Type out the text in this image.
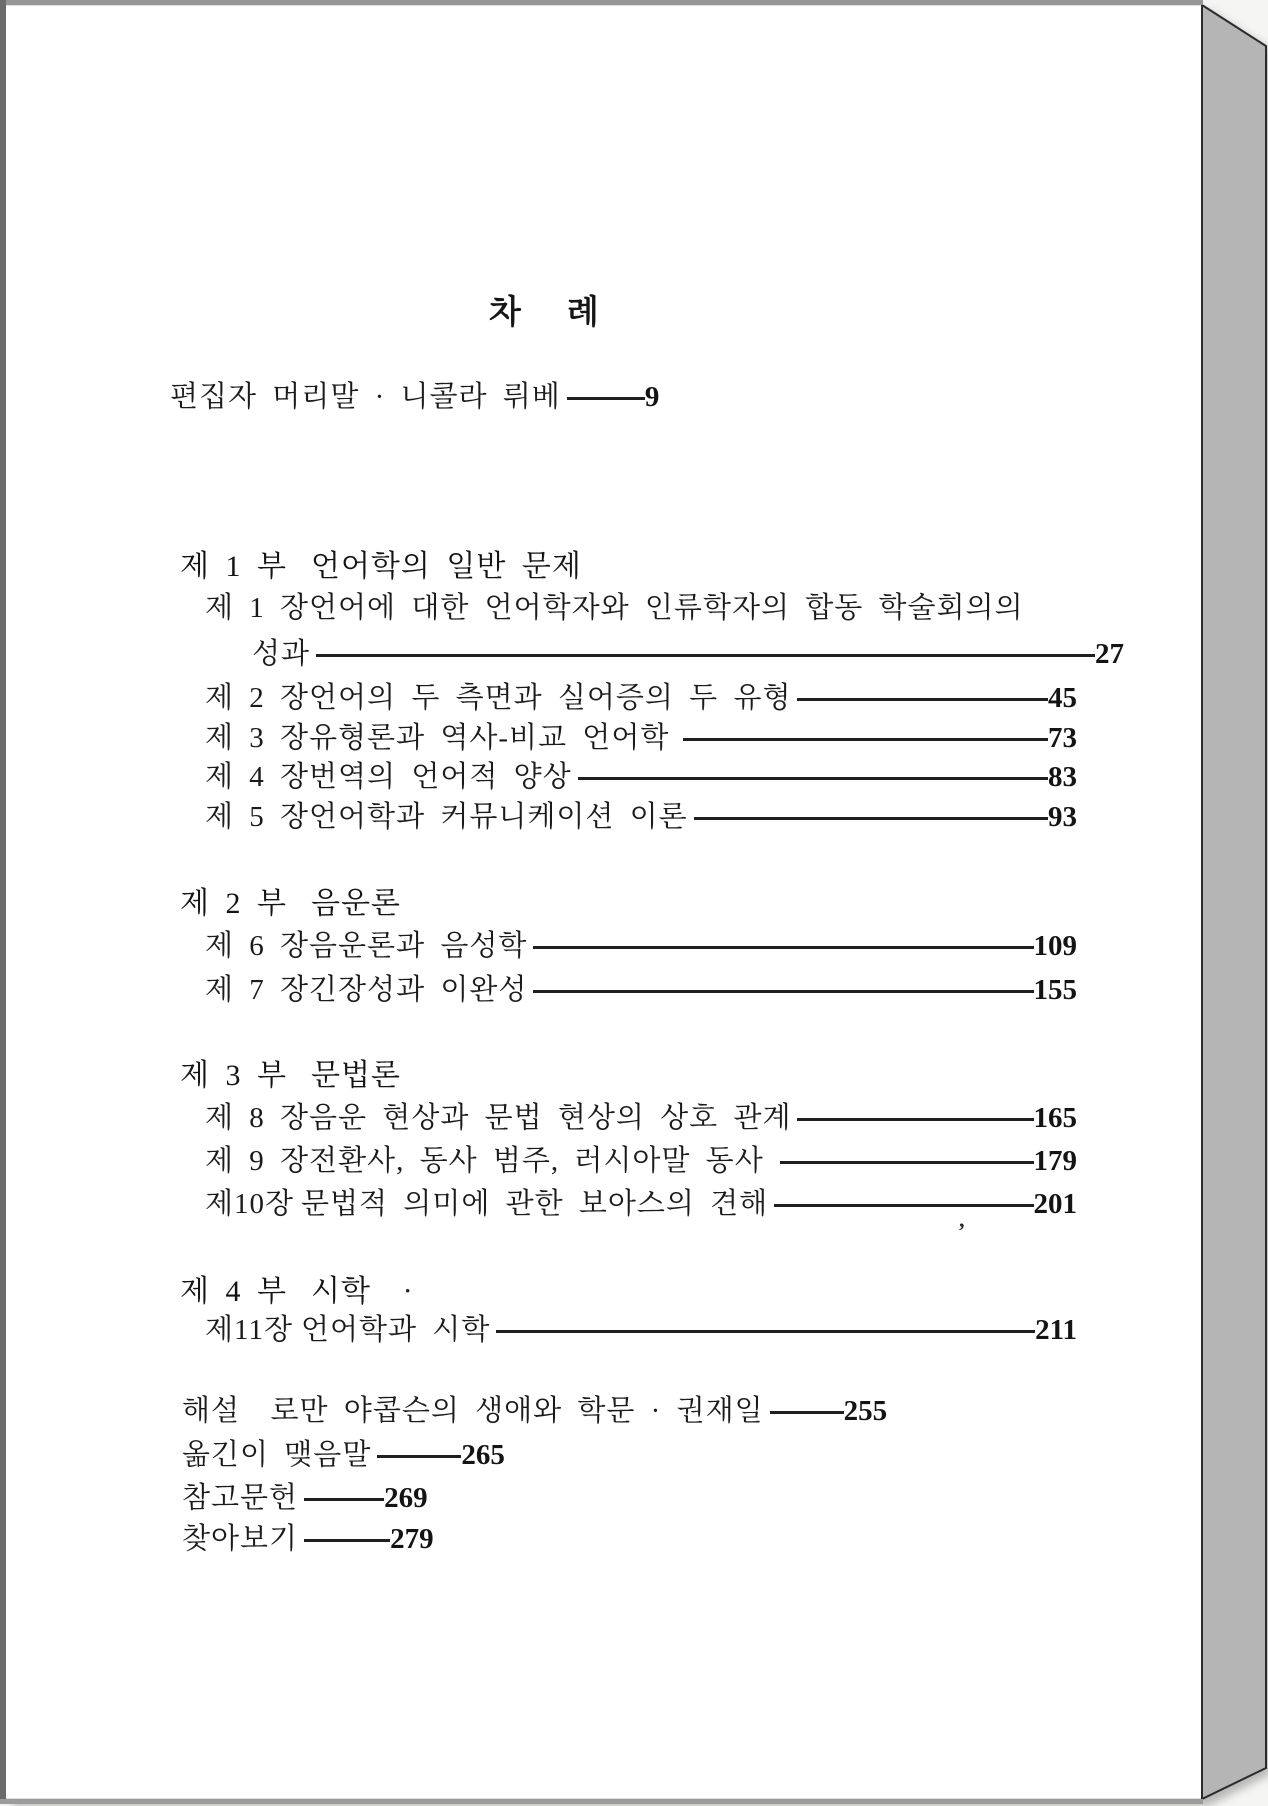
차례
편집자 머리말 · 니콜라 뤼베	9
제 1 부 언어학의 일반 문제
제 1 장 언어에 대한 언어학자와 인류학자의 합동 학술회의의
성과	27
제 2 장 언어의 두 측면과 실어증의 두 유형	45
제 3 장 유형론과 역사-비교 언어학	73
제 4 장 번역의 언어적 양상	83
제 5 장 언어학과 커뮤니케이션 이론	93
제 2 부 음운론
제 6 장 음운론과 음성학	109
제 7 장 긴장성과 이완성	155
제 3 부 문법론
제 8 장 음운 현상과 문법 현상의 상호 관계	165
제 9 장 전환사, 동사 범주, 러시아말 동사	179
제10장 문법적 의미에 관한 보아스의 견해	201
’
제 4 부 시학 ·
제11장 언어학과 시학	211
해설  로만 야콥슨의 생애와 학문 · 권재일	255
옮긴이 맺음말	265
참고문헌	269
찾아보기	279
